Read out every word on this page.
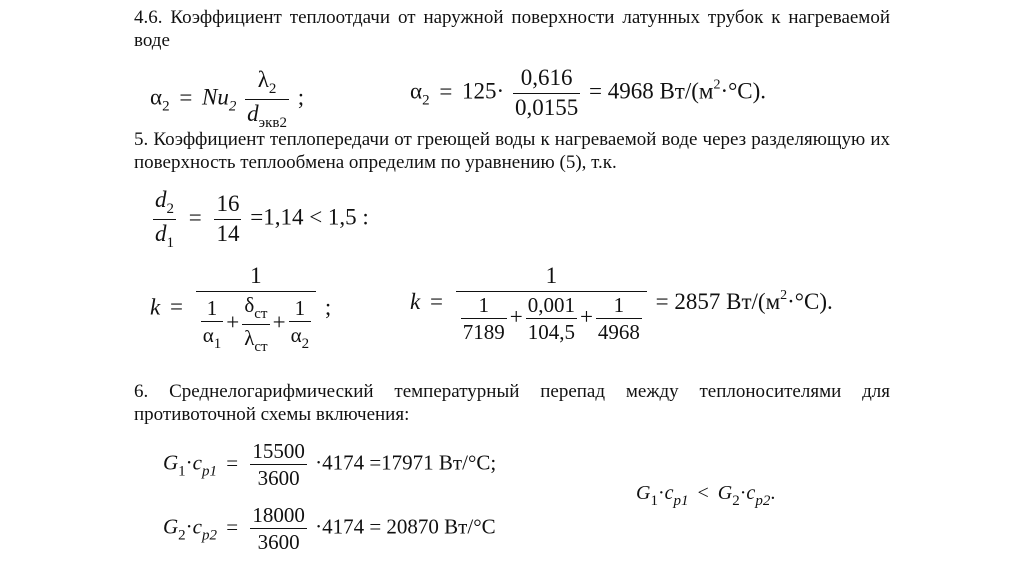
4.6. Коэффициент теплоотдачи от наружной поверхности латунных трубок к нагреваемой воде
$\alpha_2 = Nu_2 \frac{\lambda_2}{d_{экв2}}$ ;	$\alpha_2 = 125\cdot \frac{0,616}{0,0155} = 4968$ $Вт/(м^2\cdot^\circ С)$.
5. Коэффициент теплопередачи от греющей воды к нагреваемой воде через разделяющую их поверхность теплообмена определим по уравнению (5), т.к.
$\frac{d_2}{d_1} = \frac{16}{14} =1,14 < 1,5$ :
k =
1
$\frac{1}{\alpha_1} + \frac{\delta_{ст}}{\lambda_{ст}} + \frac{1}{\alpha_2}$ ;	k =
1
$\frac{1}{7189} + \frac{0,001}{104,5} + \frac{1}{4968} = 2857$ $Вт/(м^2\cdot^\circ С)$.
6. Среднелогарифмический температурный перепад между теплоносителями для противоточной схемы включения:
$G_1\cdot c_{p1} = \frac{15500}{3600} \cdot 4174 =17971$ Вт/°С;
$G_2\cdot c_{p2} = \frac{18000}{3600} \cdot 4174 = 20870$ Вт/°С
$G_1\cdot c_{p1} < G_2\cdot c_{p2}$.
